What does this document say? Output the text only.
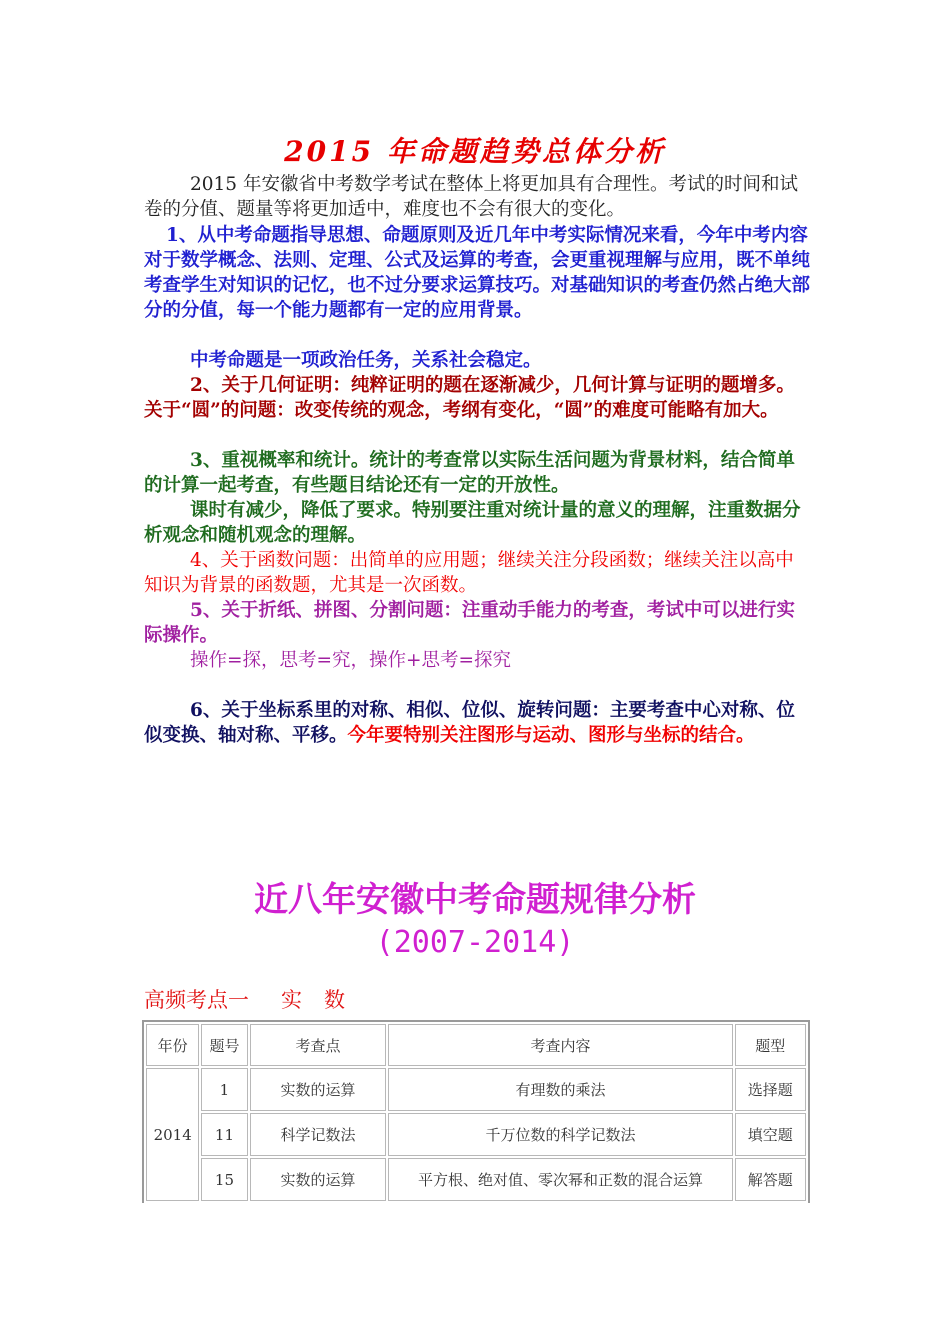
2015 年命题趋势总体分析

2015 年安徽省中考数学考试在整体上将更加具有合理性。考试的时间和试卷的分值、题量等将更加适中，难度也不会有很大的变化。

1、从中考命题指导思想、命题原则及近几年中考实际情况来看，今年中考内容对于数学概念、法则、定理、公式及运算的考查，会更重视理解与应用，既不单纯考查学生对知识的记忆，也不过分要求运算技巧。对基础知识的考查仍然占绝大部分的分值，每一个能力题都有一定的应用背景。

中考命题是一项政治任务，关系社会稳定。

2、关于几何证明：纯粹证明的题在逐渐减少，几何计算与证明的题增多。关于“圆”的问题：改变传统的观念，考纲有变化，“圆”的难度可能略有加大。

3、重视概率和统计。统计的考查常以实际生活问题为背景材料，结合简单的计算一起考查，有些题目结论还有一定的开放性。

课时有减少，降低了要求。特别要注重对统计量的意义的理解，注重数据分析观念和随机观念的理解。

4、关于函数问题：出简单的应用题；继续关注分段函数；继续关注以高中知识为背景的函数题，尤其是一次函数。

5、关于折纸、拼图、分割问题：注重动手能力的考查，考试中可以进行实际操作。

操作=探，思考=究，操作+思考=探究

6、关于坐标系里的对称、相似、位似、旋转问题：主要考查中心对称、位似变换、轴对称、平移。今年要特别关注图形与运动、图形与坐标的结合。

近八年安徽中考命题规律分析
(2007-2014)
高频考点一 实 数
年份	题号	考查点	考查内容	题型
2014	1	实数的运算	有理数的乘法	选择题
	11	科学记数法	千万位数的科学记数法	填空题
	15	实数的运算	平方根、绝对值、零次幂和正数的混合运算	解答题
